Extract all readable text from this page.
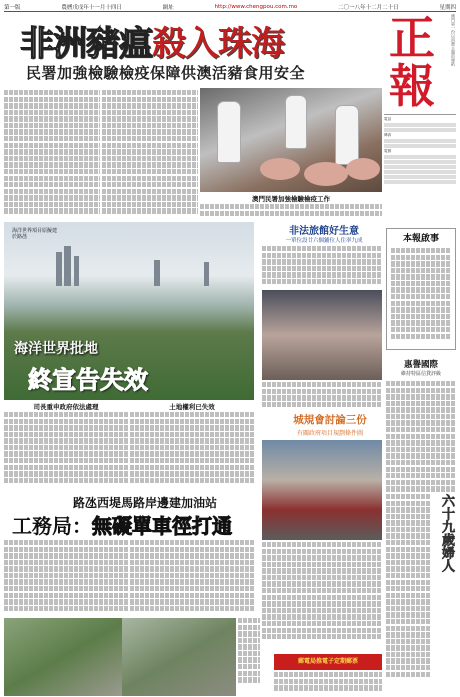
第一版	農曆戊戌年十一月十四日	網址	http://www.chengpou.com.mo	二〇一八年十二月二十日	星期四
非洲豬瘟殺入珠海
民署加強檢驗檢疫保障供澳活豬食用安全
正
報
澳門第一份以消費主題的報紙
電話
傳真
電郵
澳門民署加強檢驗檢疫工作
海洋世界項目原擬建於路氹
海洋世界批地
終宣告失效
司長重申政府依法處理	土地權利已失效
非法旅館好生意
一單位設廿六個鋪位人住率九成	本報啟事
惠譽國際
維持特區信貸評級
城規會討論三份
有關政府項目規劃條件圖
路氹西堤馬路岸邊建加油站
工務局：無礙單車徑打通
郵電局推電子定期郵票
六十九歲婦人
